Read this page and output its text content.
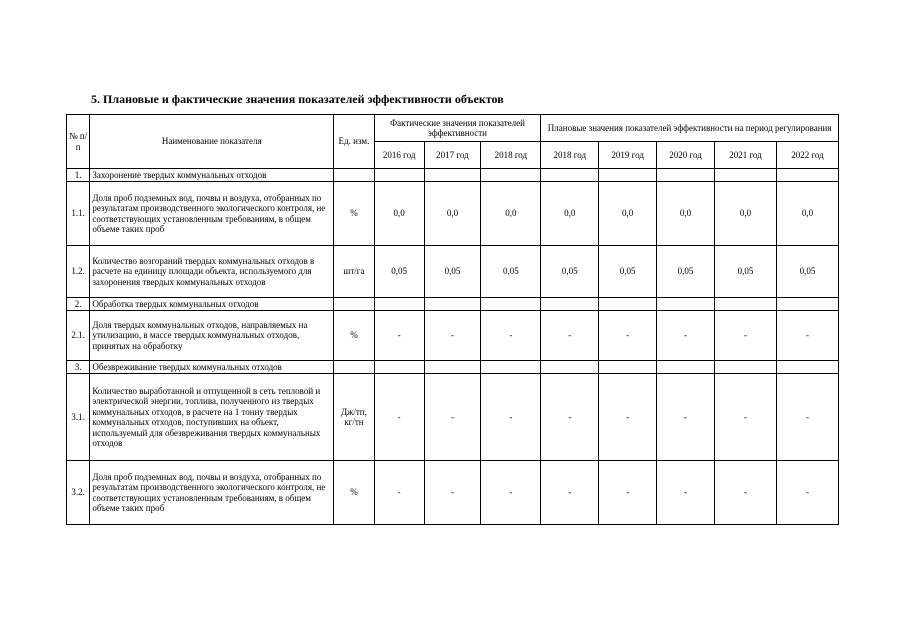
5. Плановые и фактические значения показателей эффективности объектов
№ п/п	Наименование показателя	Ед. изм.	Фактические значения показателей эффективности			Плановые значения показателей эффективности на период регулирования				
			2016 год	2017 год	2018 год	2018 год	2019 год	2020 год	2021 год	2022 год
1.	Захоронение твердых коммунальных отходов									
1.1.	Доля проб подземных вод, почвы и воздуха, отобранных по результатам производственного экологического контроля, не соответствующих установленным требованиям, в общем объеме таких проб	%	0,0	0,0	0,0	0,0	0,0	0,0	0,0	0,0
1.2.	Количество возгораний твердых коммунальных отходов в расчете на единицу площади объекта, используемого для захоронения твердых коммунальных отходов	шт/га	0,05	0,05	0,05	0,05	0,05	0,05	0,05	0,05
2.	Обработка твердых коммунальных отходов									
2.1.	Доля твердых коммунальных отходов, направляемых на утилизацию, в массе твердых коммунальных отходов, принятых на обработку	%	-	-	-	-	-	-	-	-
3.	Обезвреживание твердых коммунальных отходов									
3.1.	Количество выработанной и отпущенной в сеть тепловой и электрической энергии, топлива, полученного из твердых коммунальных отходов, в расчете на 1 тонну твердых коммунальных отходов, поступивших на объект, используемый для обезвреживания твердых коммунальных отходов	Дж/тп, кг/тн	-	-	-	-	-	-	-	-
3.2.	Доля проб подземных вод, почвы и воздуха, отобранных по результатам производственного экологического контроля, не соответствующих установленным требованиям, в общем объеме таких проб	%	-	-	-	-	-	-	-	-
